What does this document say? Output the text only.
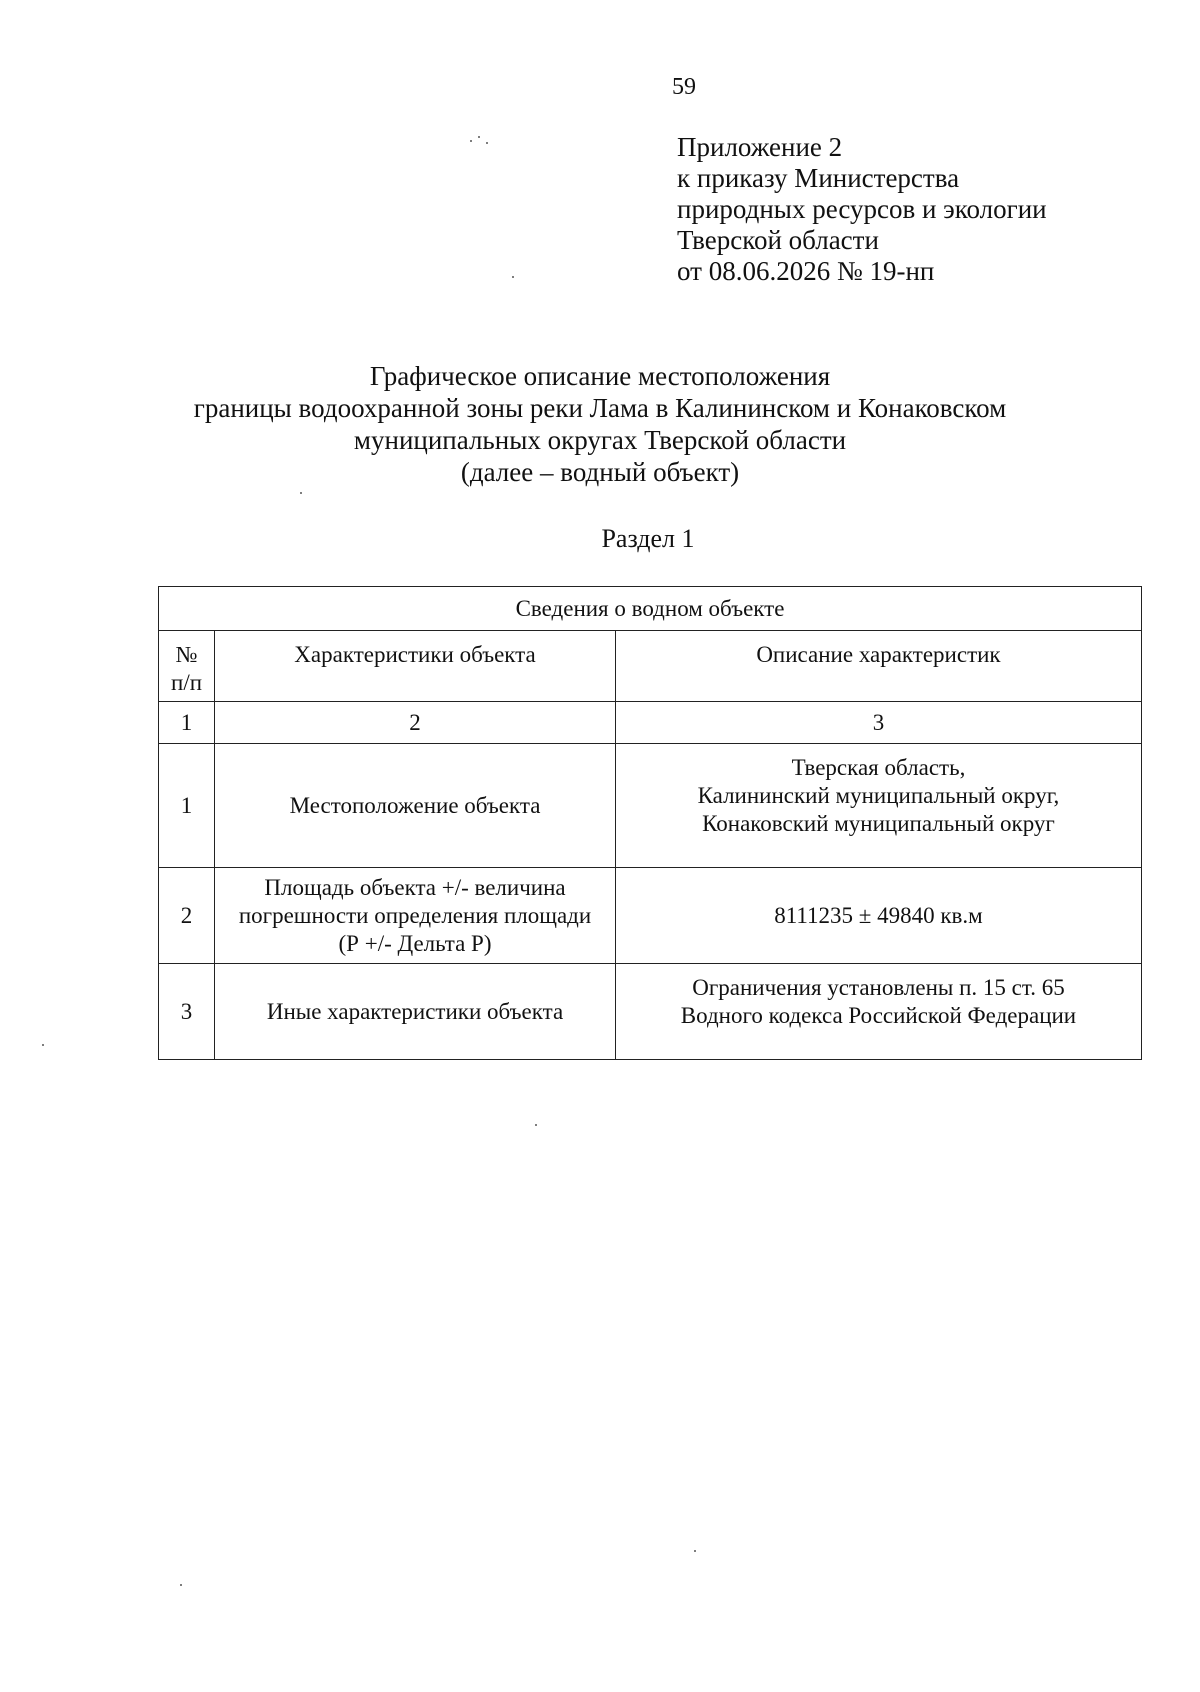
59
Приложение 2
к приказу Министерства
природных ресурсов и экологии
Тверской области
от 08.06.2026 № 19-нп
Графическое описание местоположения
границы водоохранной зоны реки Лама в Калининском и Конаковском
муниципальных округах Тверской области
(далее – водный объект)
Раздел 1
Сведения о водном объекте		

№
п/п	Характеристики объекта	Описание характеристик
1	2	3
1	Местоположение объекта	Тверская область,
Калининский муниципальный округ,
Конаковский муниципальный округ

2	Площадь объекта +/- величина
погрешности определения площади
(Р +/- Дельта Р)	8111235 ± 49840 кв.м

3	Иные характеристики объекта	Ограничения установлены п. 15 ст. 65
Водного кодекса Российской Федерации
